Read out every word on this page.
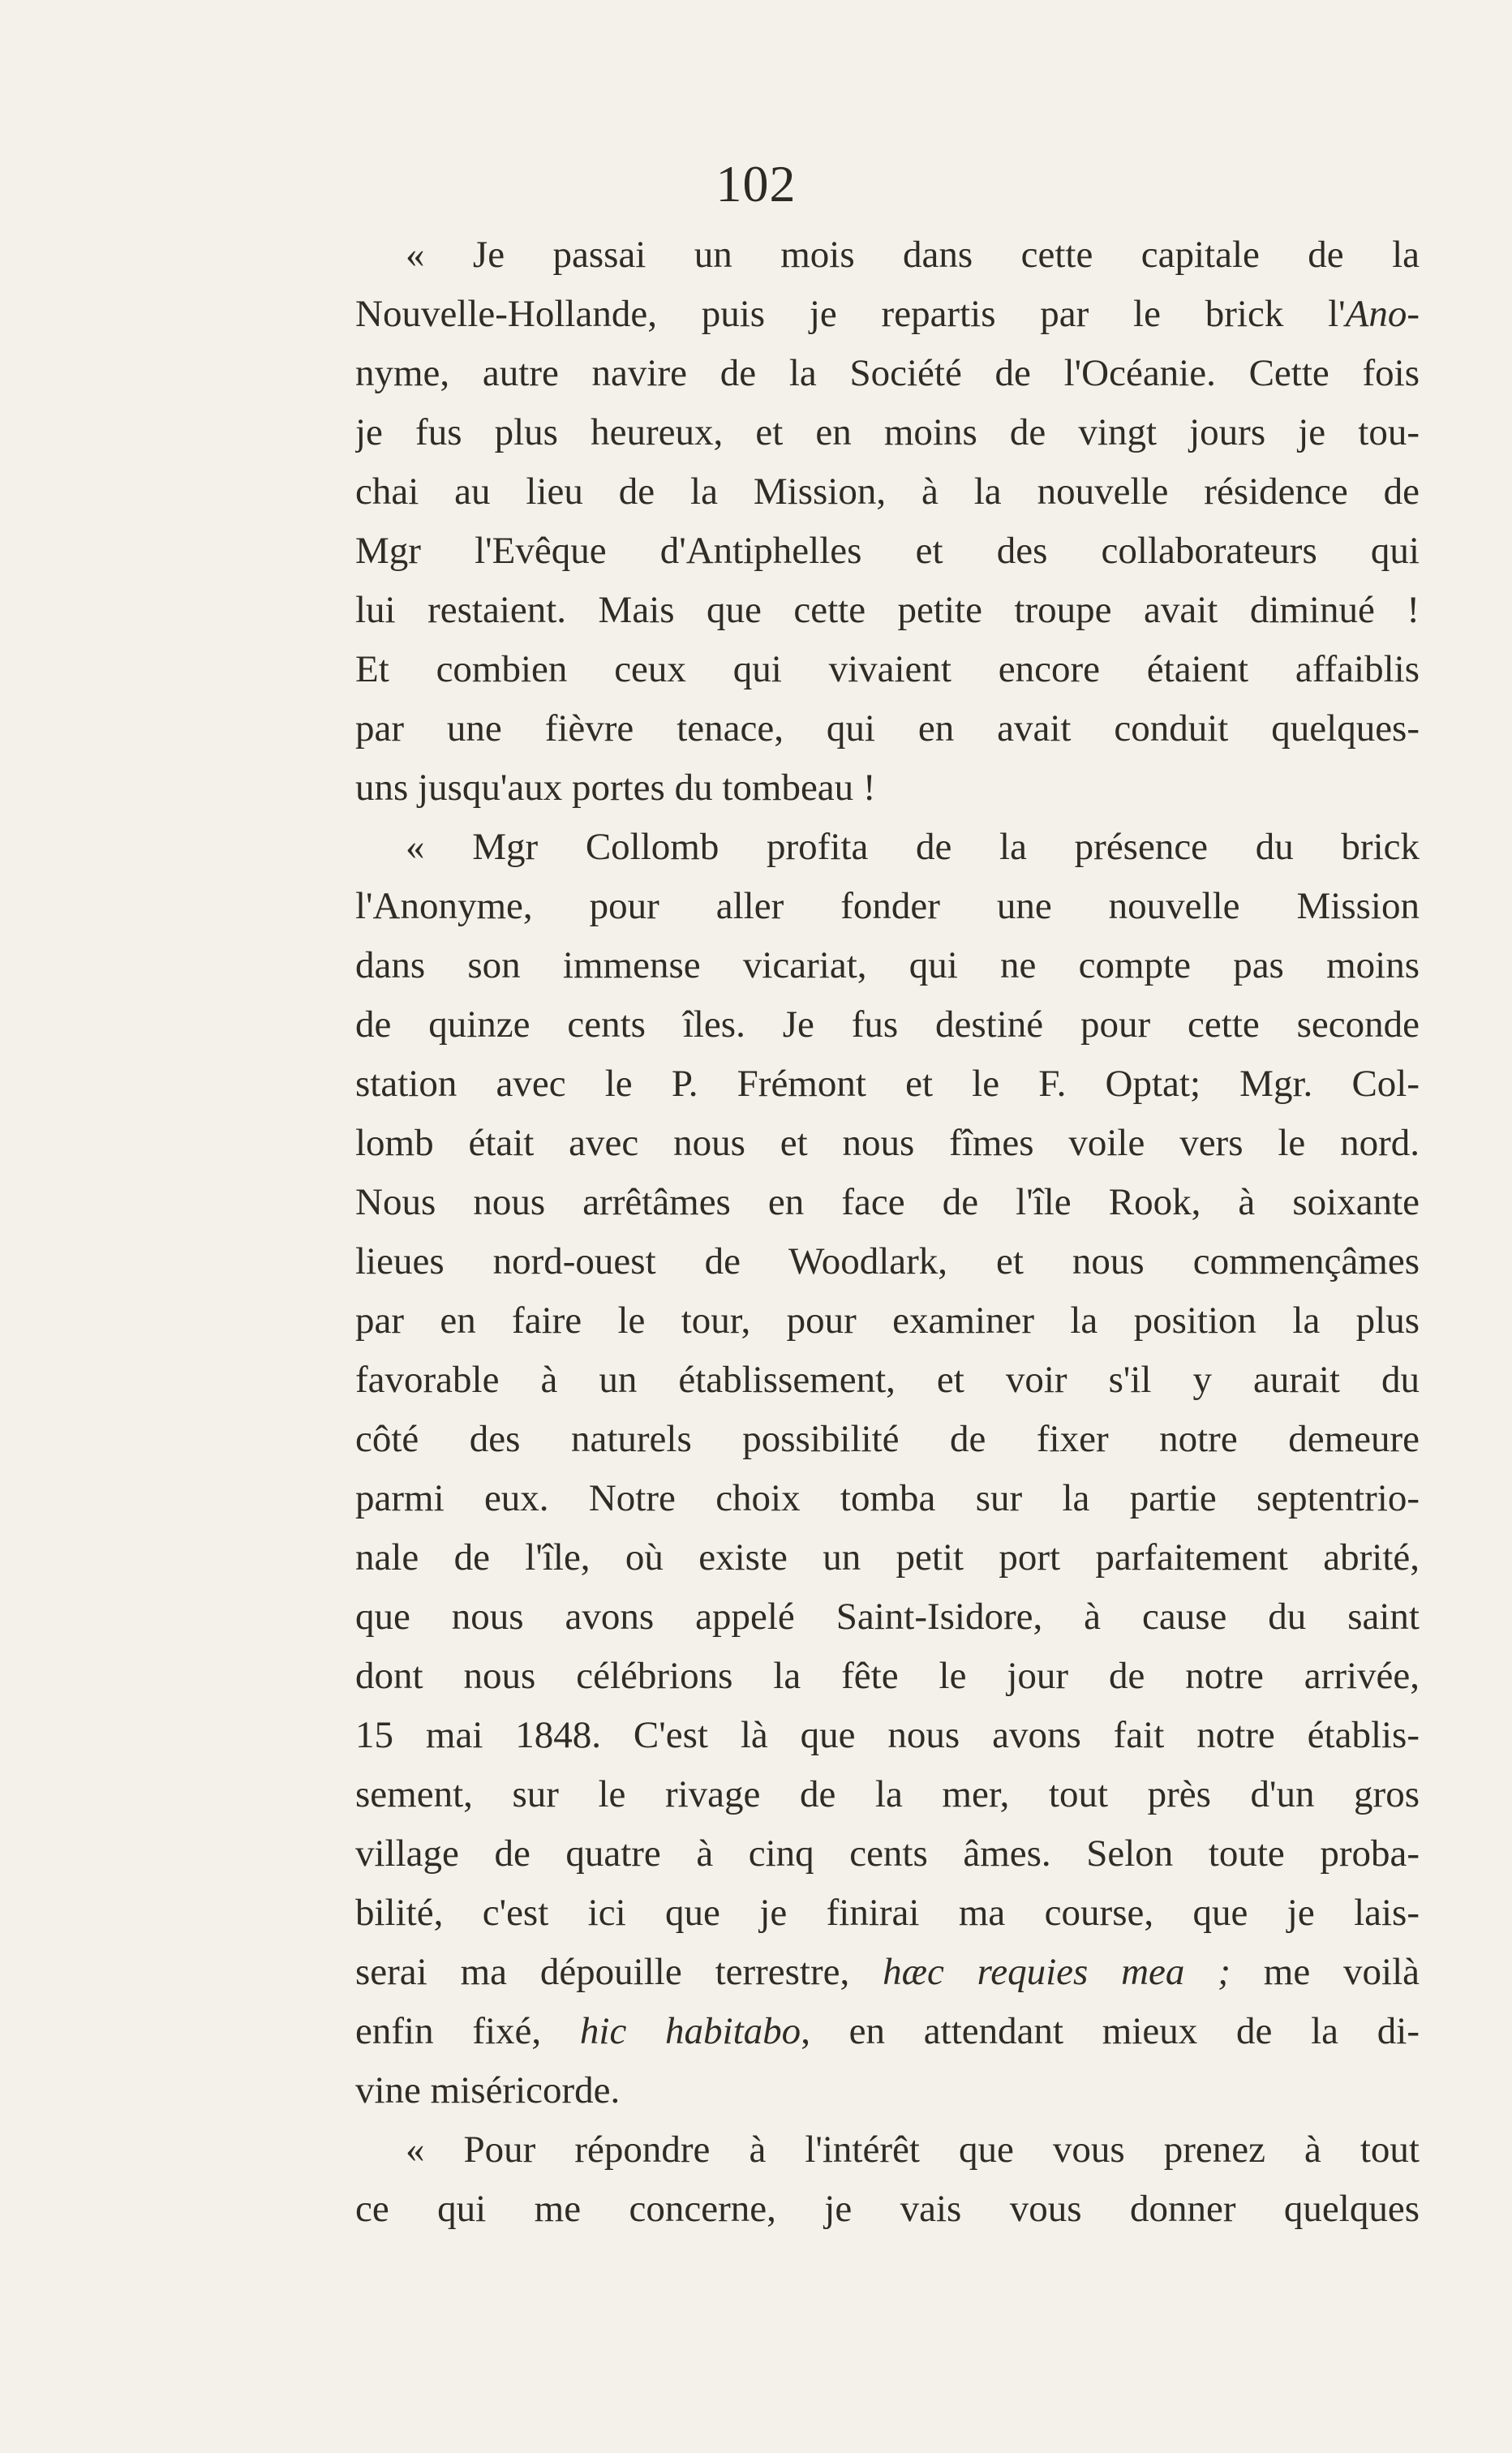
102
« Je passai un mois dans cette capitale de la
Nouvelle-Hollande, puis je repartis par le brick l'Ano-
nyme, autre navire de la Société de l'Océanie. Cette fois
je fus plus heureux, et en moins de vingt jours je tou-
chai au lieu de la Mission, à la nouvelle résidence de
Mgr l'Evêque d'Antiphelles et des collaborateurs qui
lui restaient. Mais que cette petite troupe avait diminué !
Et combien ceux qui vivaient encore étaient affaiblis
par une fièvre tenace, qui en avait conduit quelques-
uns jusqu'aux portes du tombeau !
« Mgr Collomb profita de la présence du brick
l'Anonyme, pour aller fonder une nouvelle Mission
dans son immense vicariat, qui ne compte pas moins
de quinze cents îles. Je fus destiné pour cette seconde
station avec le P. Frémont et le F. Optat; Mgr. Col-
lomb était avec nous et nous fîmes voile vers le nord.
Nous nous arrêtâmes en face de l'île Rook, à soixante
lieues nord-ouest de Woodlark, et nous commençâmes
par en faire le tour, pour examiner la position la plus
favorable à un établissement, et voir s'il y aurait du
côté des naturels possibilité de fixer notre demeure
parmi eux. Notre choix tomba sur la partie septentrio-
nale de l'île, où existe un petit port parfaitement abrité,
que nous avons appelé Saint-Isidore, à cause du saint
dont nous célébrions la fête le jour de notre arrivée,
15 mai 1848. C'est là que nous avons fait notre établis-
sement, sur le rivage de la mer, tout près d'un gros
village de quatre à cinq cents âmes. Selon toute proba-
bilité, c'est ici que je finirai ma course, que je lais-
serai ma dépouille terrestre, hæc requies mea ; me voilà
enfin fixé, hic habitabo, en attendant mieux de la di-
vine miséricorde.
« Pour répondre à l'intérêt que vous prenez à tout
ce qui me concerne, je vais vous donner quelques
